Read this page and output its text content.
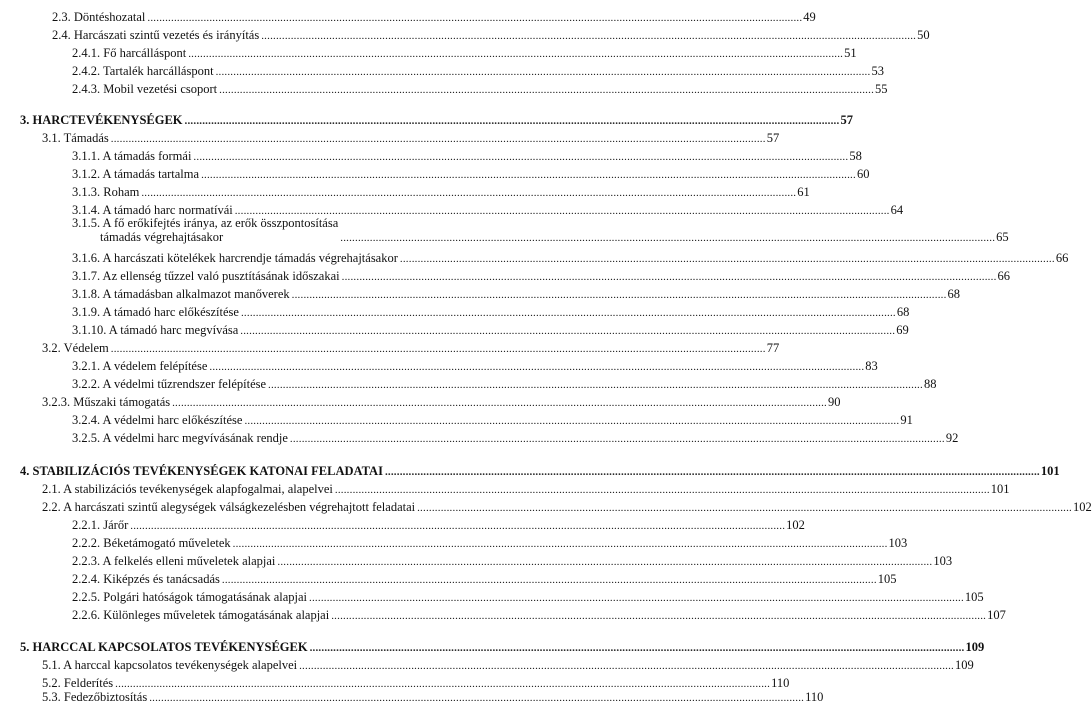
2.3. Döntéshozatal .....	49
2.4. Harcászati szintű vezetés és irányítás .....	50
2.4.1. Fő harcálláspont .....	51
2.4.2. Tartalék harcálláspont .....	53
2.4.3. Mobil vezetési csoport .....	55
3. HARCTEVÉKENYSÉGEK .....	57
3.1. Támadás .....	57
3.1.1. A támadás formái .....	58
3.1.2. A támadás tartalma .....	60
3.1.3. Roham .....	61
3.1.4. A támadó harc normatívái .....	64
3.1.5. A fő erőkifejtés iránya, az erők összpontosítása
támadás végrehajtásakor .....	65
3.1.6. A harcászati kötelékek harcrendje támadás végrehajtásakor .....	66
3.1.7. Az ellenség tűzzel való pusztításának időszakai .....	66
3.1.8. A támadásban alkalmazot manőverek .....	68
3.1.9. A támadó harc előkészítése .....	68
3.1.10. A támadó harc megvívása .....	69
3.2. Védelem .....	77
3.2.1. A védelem felépítése .....	83
3.2.2. A védelmi tűzrendszer felépítése .....	88
3.2.3. Műszaki támogatás .....	90
3.2.4. A védelmi harc előkészítése .....	91
3.2.5. A védelmi harc megvívásának rendje .....	92
4. STABILIZÁCIÓS TEVÉKENYSÉGEK KATONAI FELADATAI .....	101
2.1. A stabilizációs tevékenységek alapfogalmai, alapelvei .....	101
2.2. A harcászati szintű alegységek válságkezelésben végrehajtott feladatai .....	102
2.2.1. Járőr .....	102
2.2.2. Béketámogató műveletek .....	103
2.2.3. A felkelés elleni műveletek alapjai .....	103
2.2.4. Kiképzés és tanácsadás .....	105
2.2.5. Polgári hatóságok támogatásának alapjai .....	105
2.2.6. Különleges műveletek támogatásának alapjai .....	107
5. HARCCAL KAPCSOLATOS TEVÉKENYSÉGEK .....	109
5.1. A harccal kapcsolatos tevékenységek alapelvei .....	109
5.2. Felderítés .....	110
5.3. Fedezőbiztosítás .....	110
